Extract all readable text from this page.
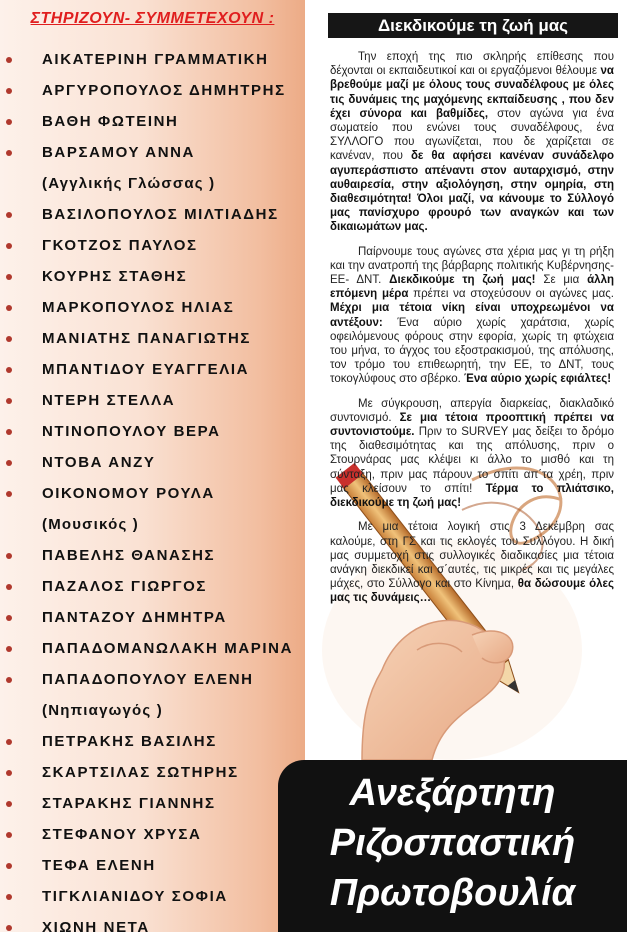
ΣΤΗΡΙΖΟΥΝ- ΣΥΜΜΕΤΕΧΟΥΝ :
ΑΙΚΑΤΕΡΙΝΗ ΓΡΑΜΜΑΤΙΚΗ
ΑΡΓΥΡΟΠΟΥΛΟΣ ΔΗΜΗΤΡΗΣ
ΒΑΘΗ ΦΩΤΕΙΝΗ
ΒΑΡΣΑΜΟΥ ΑΝΝΑ
(Αγγλικής Γλώσσας )
ΒΑΣΙΛΟΠΟΥΛΟΣ ΜΙΛΤΙΑΔΗΣ
ΓΚΟΤΖΟΣ ΠΑΥΛΟΣ
ΚΟΥΡΗΣ ΣΤΑΘΗΣ
ΜΑΡΚΟΠΟΥΛΟΣ ΗΛΙΑΣ
ΜΑΝΙΑΤΗΣ ΠΑΝΑΓΙΩΤΗΣ
ΜΠΑΝΤΙΔΟΥ ΕΥΑΓΓΕΛΙΑ
ΝΤΕΡΗ ΣΤΕΛΛΑ
ΝΤΙΝΟΠΟΥΛΟΥ ΒΕΡΑ
ΝΤΟΒΑ ΑΝΖΥ
ΟΙΚΟΝΟΜΟΥ ΡΟΥΛΑ
(Μουσικός )
ΠΑΒΕΛΗΣ ΘΑΝΑΣΗΣ
ΠΑΖΑΛΟΣ ΓΙΩΡΓΟΣ
ΠΑΝΤΑΖΟΥ ΔΗΜΗΤΡΑ
ΠΑΠΑΔΟΜΑΝΩΛΑΚΗ ΜΑΡΙΝΑ
ΠΑΠΑΔΟΠΟΥΛΟΥ ΕΛΕΝΗ
(Νηπιαγωγός )
ΠΕΤΡΑΚΗΣ ΒΑΣΙΛΗΣ
ΣΚΑΡΤΣΙΛΑΣ ΣΩΤΗΡΗΣ
ΣΤΑΡΑΚΗΣ ΓΙΑΝΝΗΣ
ΣΤΕΦΑΝΟΥ ΧΡΥΣΑ
ΤΕΦΑ ΕΛΕΝΗ
ΤΙΓΚΛΙΑΝΙΔΟΥ ΣΟΦΙΑ
ΧΙΩΝΗ ΝΕΤΑ
Διεκδικούμε τη ζωή μας

Την εποχή της πιο σκληρής επίθεσης που δέχονται οι εκπαιδευτικοί και οι εργαζόμενοι θέλουμε να βρεθούμε μαζί με όλους τους συναδέλφους με όλες τις δυνάμεις της μαχόμενης εκπαίδευσης , που δεν έχει σύνορα και βαθμίδες, στον αγώνα για ένα σωματείο που ενώνει τους συναδέλφους, ένα ΣΥΛΛΟΓΟ που αγωνίζεται, που δε χαρίζεται σε κανέναν, που δε θα αφήσει κανέναν συνάδελφο αγυπεράσπιστο απέναντι στον αυταρχισμό, στην αυθαιρεσία, στην αξιολόγηση, στην ομηρία, στη διαθεσιμότητα! Όλοι μαζί, να κάνουμε το Σύλλογό μας πανίσχυρο φρουρό των αναγκών και των δικαιωμάτων μας.

Παίρνουμε τους αγώνες στα χέρια μας γι τη ρήξη και την ανατροπή της βάρβαρης πολιτικής Κυβέρνησης- ΕΕ- ΔΝΤ. Διεκδικούμε τη ζωή μας! Σε μια άλλη επόμενη μέρα πρέπει να στοχεύσουν οι αγώνες μας. Μέχρι μια τέτοια νίκη είναι υποχρεωμένοι να αντέξουν: Ένα αύριο χωρίς χαράτσια, χωρίς οφειλόμενους φόρους στην εφορία, χωρίς τη φτώχεια του μήνα, το άγχος του εξοστρακισμού, της απόλυσης, τον τρόμο του επιθεωρητή, την ΕΕ, το ΔΝΤ, τους τοκογλύφους στο σβέρκο. Ένα αύριο χωρίς εφιάλτες!

Με σύγκρουση, απεργία διαρκείας, διακλαδικό συντονισμό. Σε μια τέτοια προοπτική πρέπει να συντονιστούμε. Πριν το SURVEY μας δείξει το δρόμο της διαθεσιμότητας και της απόλυσης, πριν ο Στουρνάρας μας κλέψει κι άλλο το μισθό και τη σύνταξη, πριν μας πάρουν το σπίτι απ΄τα χρέη, πριν μας κλείσουν το σπίτι! Τέρμα το πλιάτσικο, διεκδικούμε τη ζωή μας!

Με μια τέτοια λογική στις 3 Δεκέμβρη σας καλούμε, στη ΓΣ και τις εκλογές του Συλλόγου. Η δική μας συμμετοχή στις συλλογικές διαδικασίες μια τέτοια ανάγκη διεκδικεί και σ΄αυτές, τις μικρές και τις μεγάλες μάχες, στο Σύλλογο και στο Κίνημα, θα δώσουμε όλες μας τις δυνάμεις…

Ανεξάρτητη
Ριζοσπαστική
Πρωτοβουλία
